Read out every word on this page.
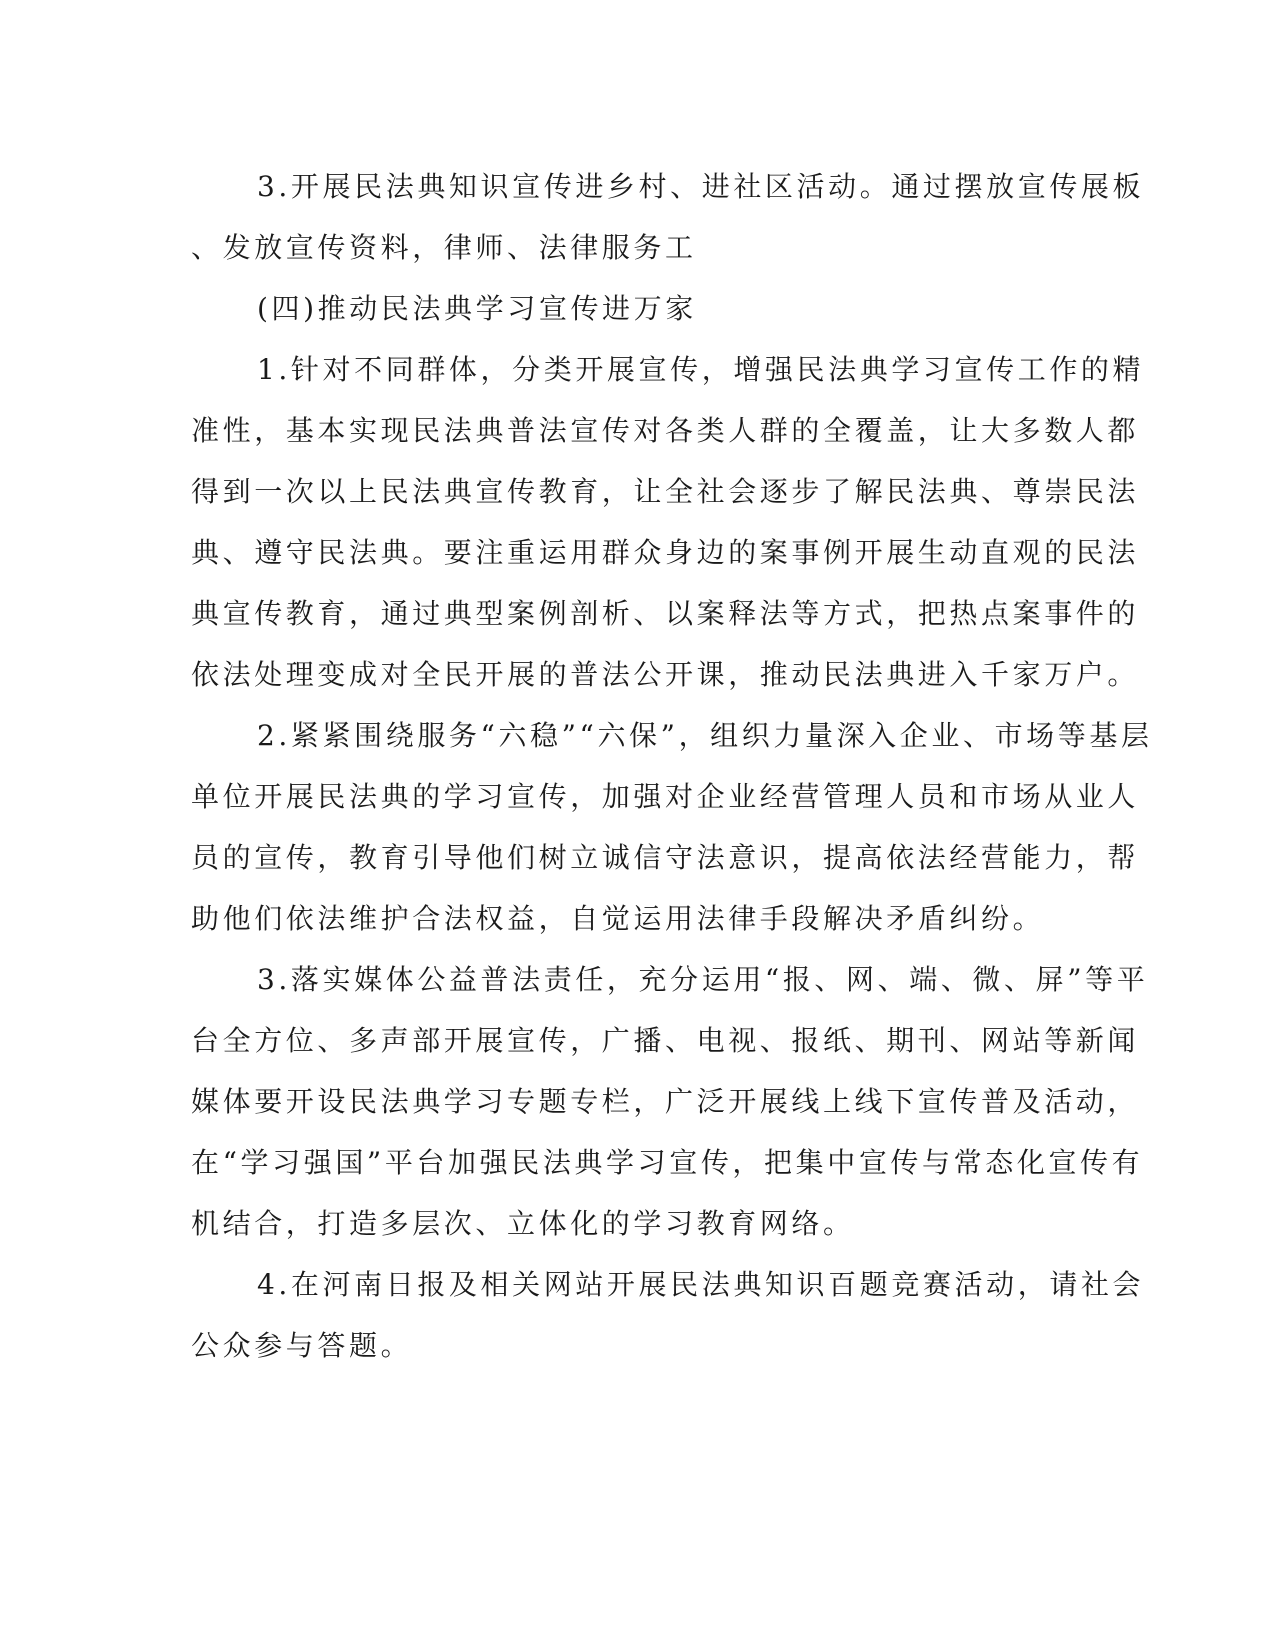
3.开展民法典知识宣传进乡村、进社区活动。通过摆放宣传展板
、发放宣传资料，律师、法律服务工
(四)推动民法典学习宣传进万家
1.针对不同群体，分类开展宣传，增强民法典学习宣传工作的精
准性，基本实现民法典普法宣传对各类人群的全覆盖，让大多数人都
得到一次以上民法典宣传教育，让全社会逐步了解民法典、尊崇民法
典、遵守民法典。要注重运用群众身边的案事例开展生动直观的民法
典宣传教育，通过典型案例剖析、以案释法等方式，把热点案事件的
依法处理变成对全民开展的普法公开课，推动民法典进入千家万户。
2.紧紧围绕服务“六稳”“六保”，组织力量深入企业、市场等基层
单位开展民法典的学习宣传，加强对企业经营管理人员和市场从业人
员的宣传，教育引导他们树立诚信守法意识，提高依法经营能力，帮
助他们依法维护合法权益，自觉运用法律手段解决矛盾纠纷。
3.落实媒体公益普法责任，充分运用“报、网、端、微、屏”等平
台全方位、多声部开展宣传，广播、电视、报纸、期刊、网站等新闻
媒体要开设民法典学习专题专栏，广泛开展线上线下宣传普及活动，
在“学习强国”平台加强民法典学习宣传，把集中宣传与常态化宣传有
机结合，打造多层次、立体化的学习教育网络。
4.在河南日报及相关网站开展民法典知识百题竞赛活动，请社会
公众参与答题。
